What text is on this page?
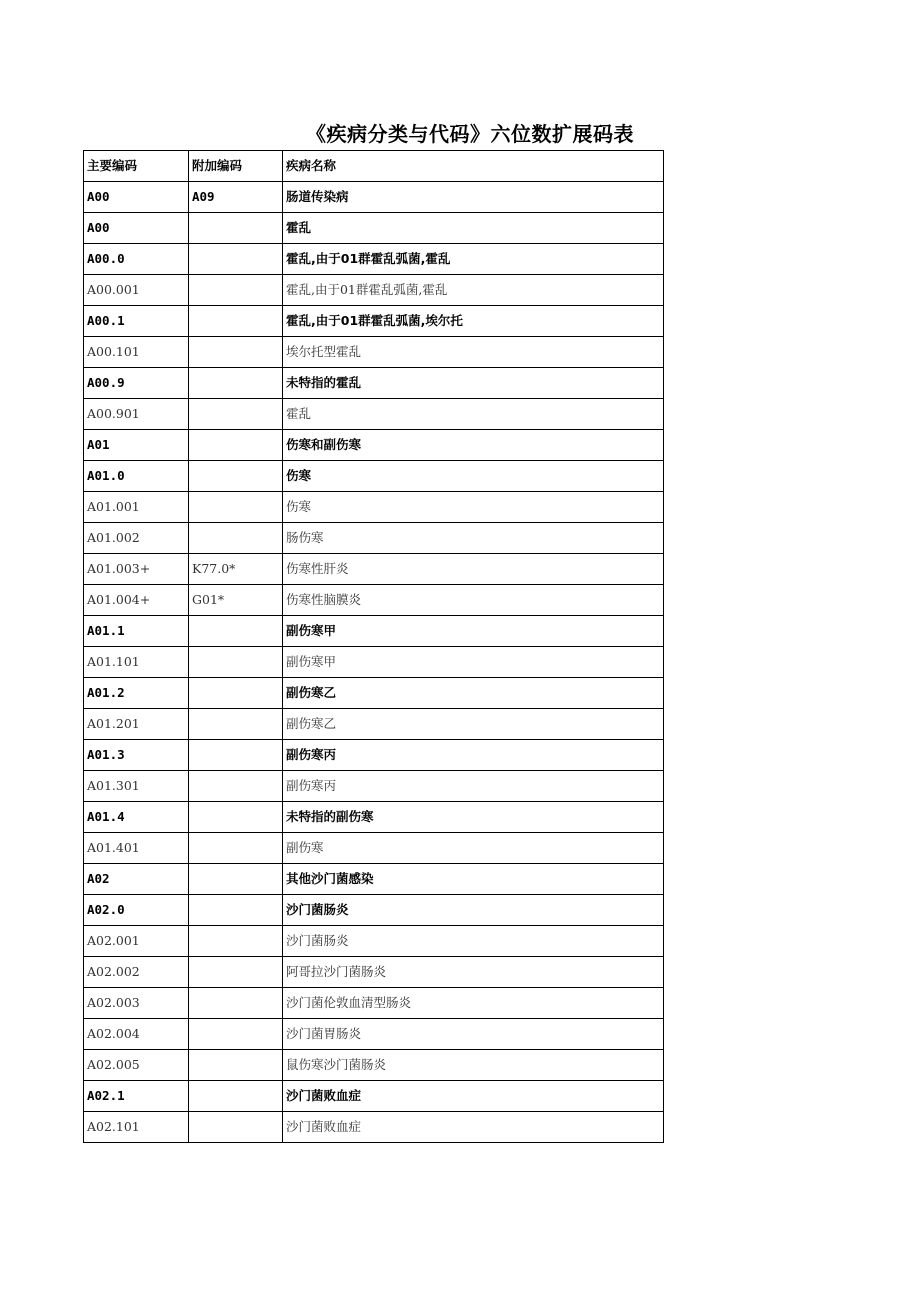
《疾病分类与代码》六位数扩展码表
主要编码	附加编码	疾病名称
A00	A09	肠道传染病
A00		霍乱
A00.0		霍乱,由于01群霍乱弧菌,霍乱
A00.001		霍乱,由于01群霍乱弧菌,霍乱
A00.1		霍乱,由于01群霍乱弧菌,埃尔托
A00.101		埃尔托型霍乱
A00.9		未特指的霍乱
A00.901		霍乱
A01		伤寒和副伤寒
A01.0		伤寒
A01.001		伤寒
A01.002		肠伤寒
A01.003+	K77.0*	伤寒性肝炎
A01.004+	G01*	伤寒性脑膜炎
A01.1		副伤寒甲
A01.101		副伤寒甲
A01.2		副伤寒乙
A01.201		副伤寒乙
A01.3		副伤寒丙
A01.301		副伤寒丙
A01.4		未特指的副伤寒
A01.401		副伤寒
A02		其他沙门菌感染
A02.0		沙门菌肠炎
A02.001		沙门菌肠炎
A02.002		阿哥拉沙门菌肠炎
A02.003		沙门菌伦敦血清型肠炎
A02.004		沙门菌胃肠炎
A02.005		鼠伤寒沙门菌肠炎
A02.1		沙门菌败血症
A02.101		沙门菌败血症
